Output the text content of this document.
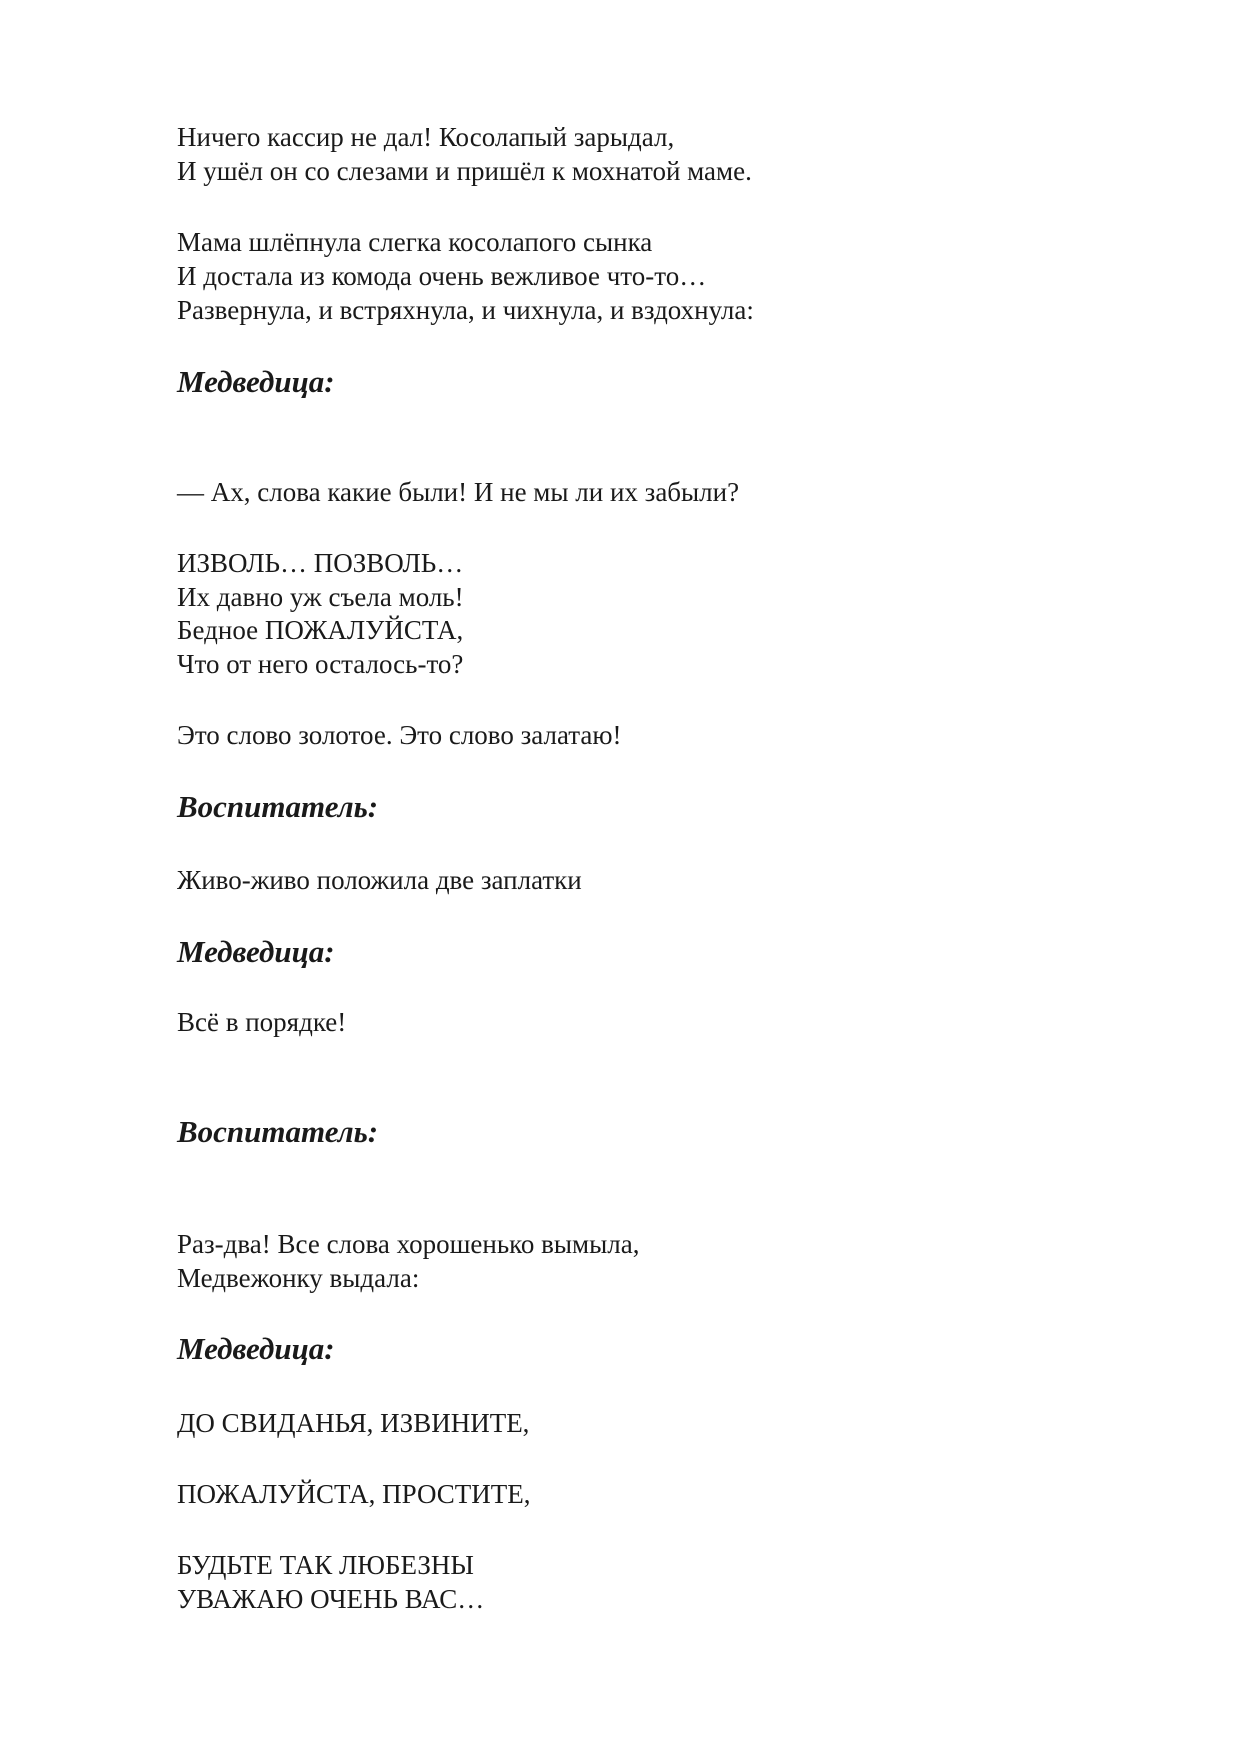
Ничего кассир не дал! Косолапый зарыдал,

И ушёл он со слезами и пришёл к мохнатой маме.

Мама шлёпнула слегка косолапого сынка

И достала из комода очень вежливое что-то…

Развернула, и встряхнула, и чихнула, и вздохнула:

Медведица:

— Ах, слова какие были! И не мы ли их забыли?

ИЗВОЛЬ… ПОЗВОЛЬ…

Их давно уж съела моль!

Бедное ПОЖАЛУЙСТА,

Что от него осталось-то?

Это слово золотое. Это слово залатаю!

Воспитатель:

Живо-живо положила две заплатки

Медведица:

Всё в порядке!

Воспитатель:

Раз-два! Все слова хорошенько вымыла,

Медвежонку выдала:

Медведица:

ДО СВИДАНЬЯ, ИЗВИНИТЕ,

ПОЖАЛУЙСТА, ПРОСТИТЕ,

БУДЬТЕ ТАК ЛЮБЕЗНЫ

УВАЖАЮ ОЧЕНЬ ВАС…
